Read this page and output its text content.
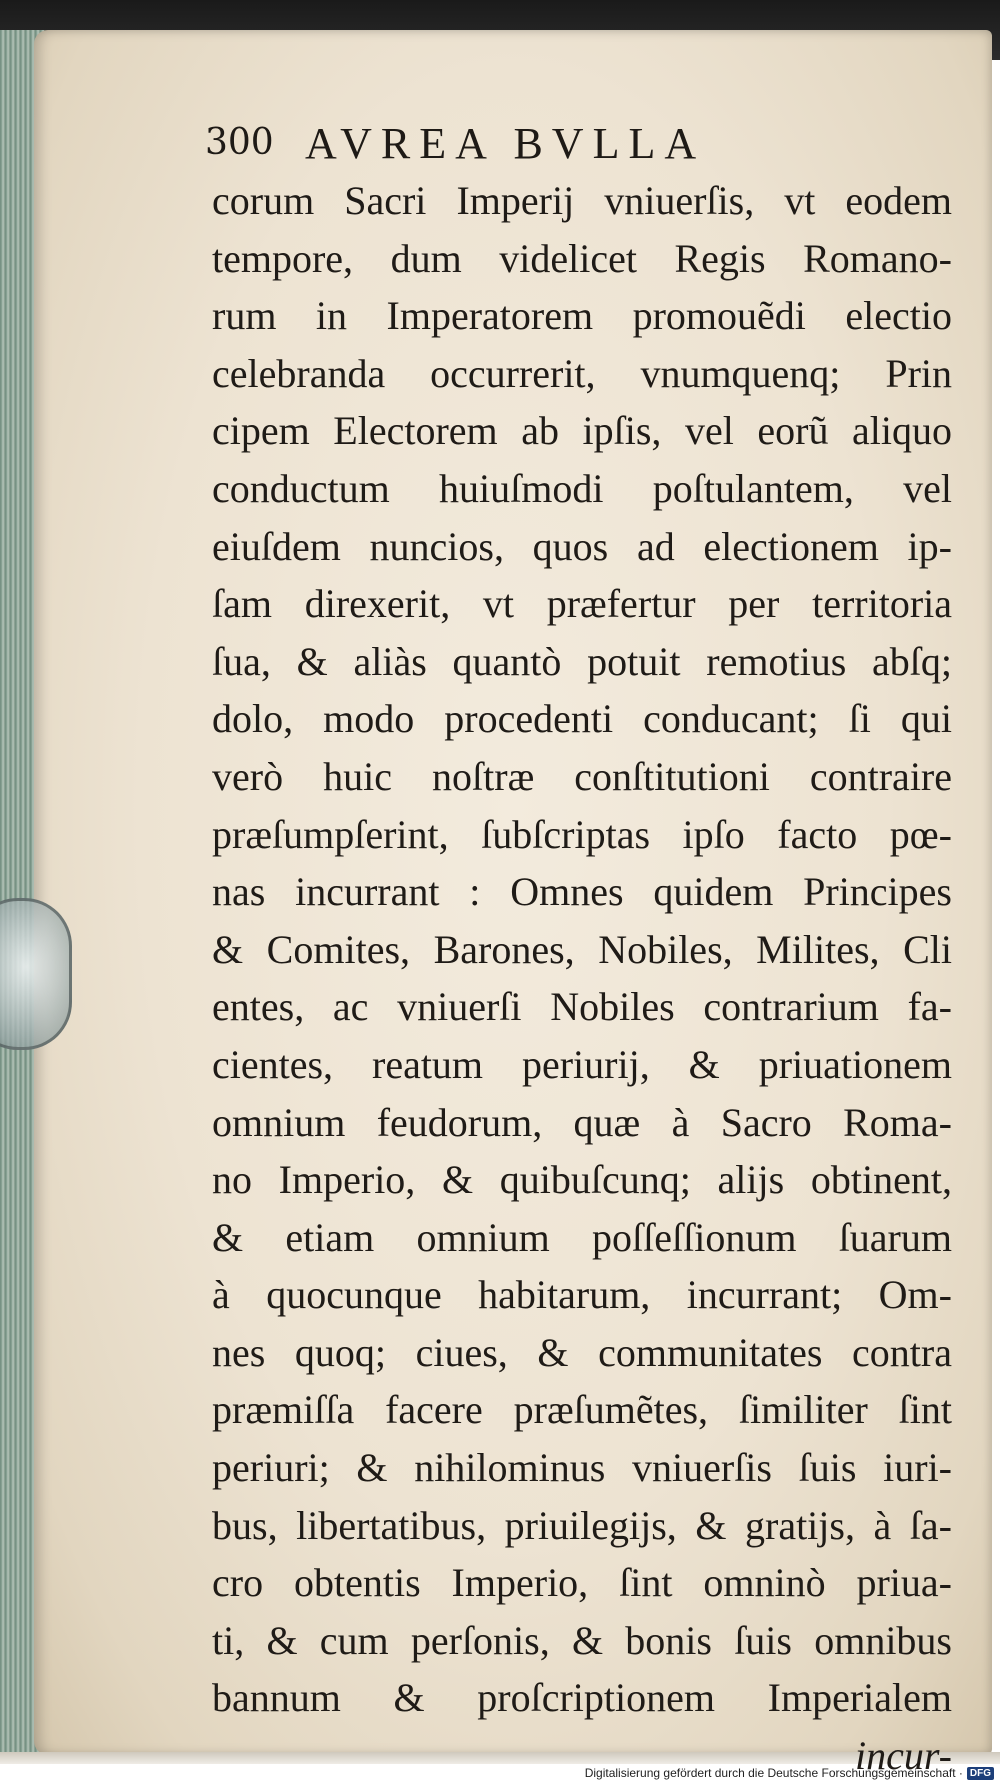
300 AVREA BVLLA
corum Sacri Imperij vniuerſis, vt eodem
tempore, dum videlicet Regis Romano-
rum in Imperatorem promouẽdi electio
celebranda occurrerit, vnumquenq; Prin
cipem Electorem ab ipſis, vel eorũ aliquo
conductum huiuſmodi poſtulantem, vel
eiuſdem nuncios, quos ad electionem ip-
ſam direxerit, vt præfertur per territoria
ſua, & aliàs quantò potuit remotius abſq;
dolo, modo procedenti conducant; ſi qui
verò huic noſtræ conſtitutioni contraire
præſumpſerint, ſubſcriptas ipſo facto pœ-
nas incurrant : Omnes quidem Principes
& Comites, Barones, Nobiles, Milites, Cli
entes, ac vniuerſi Nobiles contrarium fa-
cientes, reatum periurij, & priuationem
omnium feudorum, quæ à Sacro Roma-
no Imperio, & quibuſcunq; alijs obtinent,
& etiam omnium poſſeſſionum ſuarum
à quocunque habitarum, incurrant; Om-
nes quoq; ciues, & communitates contra
præmiſſa facere præſumẽtes, ſimiliter ſint
periuri; & nihilominus vniuerſis ſuis iuri-
bus, libertatibus, priuilegijs, & gratijs, à ſa-
cro obtentis Imperio, ſint omninò priua-
ti, & cum perſonis, & bonis ſuis omnibus
bannum & proſcriptionem Imperialem
incur-
Digitalisierung gefördert durch die Deutsche Forschungsgemeinschaft · DFG
